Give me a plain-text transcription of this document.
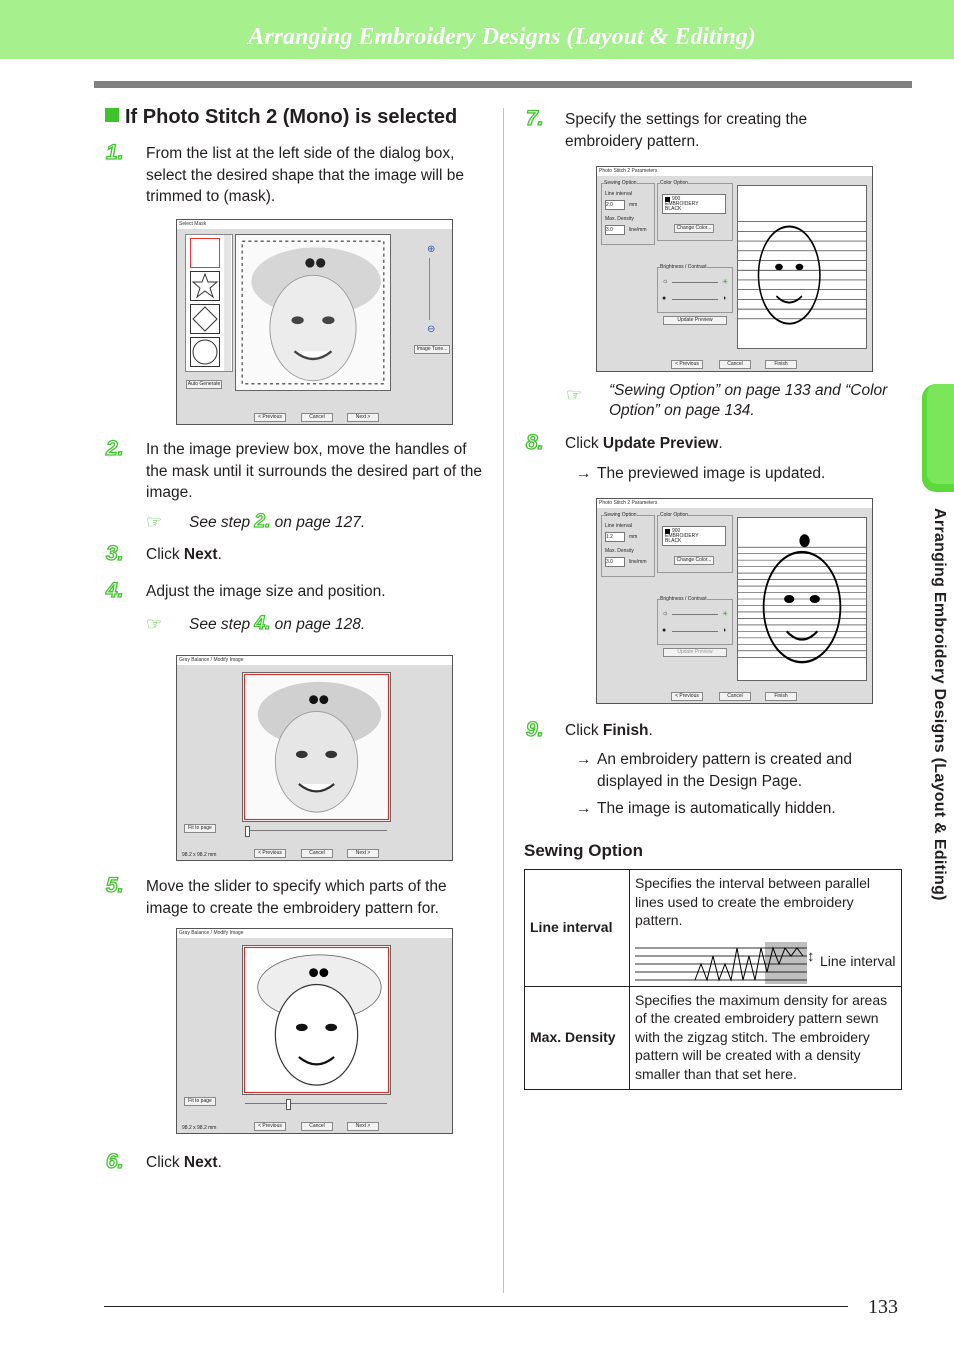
Arranging Embroidery Designs (Layout & Editing)
Arranging Embroidery Designs (Layout & Editing)
If Photo Stitch 2 (Mono) is selected
1. From the list at the left side of the dialog box, select the desired shape that the image will be trimmed to (mask).
Select Mask
Auto Generate
⊕
⊖
Image Tune...
< Previous	Cancel	Next >
2. In the image preview box, move the handles of the mask until it surrounds the desired part of the image.
☞ See step 2. on page 127.
3. Click Next.
4. Adjust the image size and position.
☞ See step 4. on page 128.
Gray Balance / Modify Image
Fit to page
98.2 x 98.2 mm	< Previous	Cancel	Next >
5. Move the slider to specify which parts of the image to create the embroidery pattern for.
Gray Balance / Modify Image
Fit to page
98.2 x 98.2 mm	< Previous	Cancel	Next >
6. Click Next.
7. Specify the settings for creating the embroidery pattern.
Photo Stitch 2 Parameters
Sewing Option
Line interval
2.0	mm
Max. Density
3.0	line/mm
Color Option
900
EMBROIDERY BLACK
Change Color...
Brightness / Contrast
☼	☀
●	◑
Update Preview
< Previous	Cancel	Finish
☞ “Sewing Option” on page 133 and “Color Option” on page 134.
8. Click Update Preview.
→ The previewed image is updated.
Photo Stitch 2 Parameters
Sewing Option
Line interval
1.2	mm
Max. Density
3.0	line/mm
Color Option
900
EMBROIDERY BLACK
Change Color...
Brightness / Contrast
☼	☀
●	◑
Update Preview
< Previous	Cancel	Finish
9. Click Finish.
→ An embroidery pattern is created and displayed in the Design Page.
→ The image is automatically hidden.
Sewing Option
Line interval	Specifies the interval between parallel lines used to create the embroidery pattern.
↕ Line interval

Max. Density	Specifies the maximum density for areas of the created embroidery pattern sewn with the zigzag stitch. The embroidery pattern will be created with a density smaller than that set here.
133
